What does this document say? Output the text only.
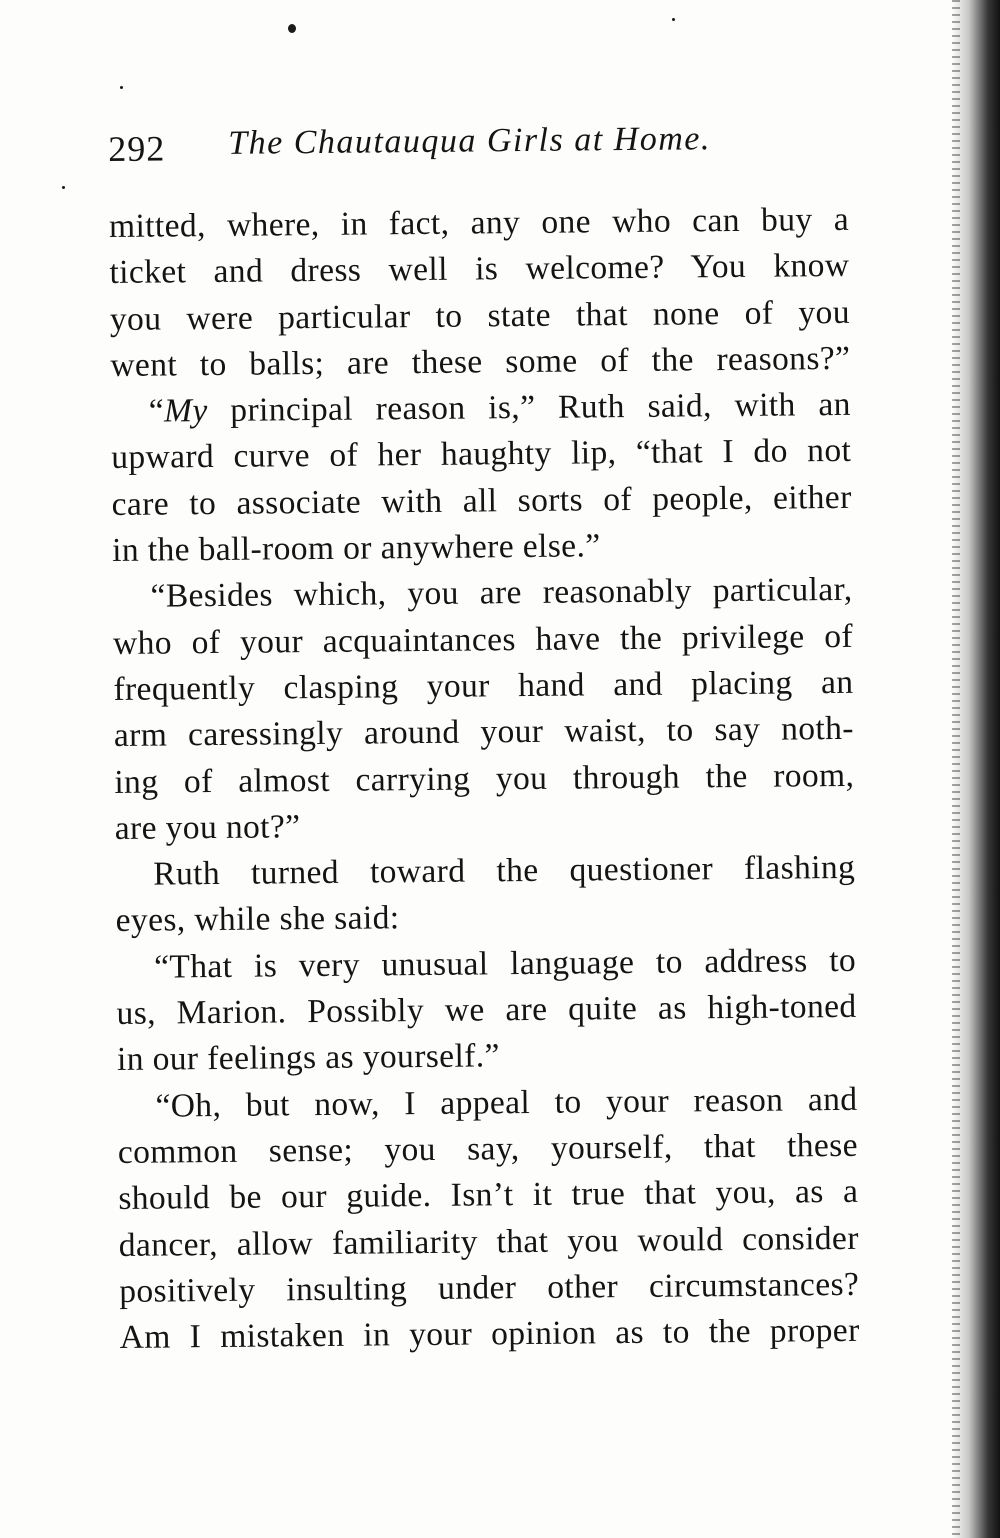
292 The Chautauqua Girls at Home.
mitted, where, in fact, any one who can buy a
ticket and dress well is welcome? You know
you were particular to state that none of you
went to balls; are these some of the reasons?”
“My principal reason is,” Ruth said, with an
upward curve of her haughty lip, “that I do not
care to associate with all sorts of people, either
in the ball-room or anywhere else.”
“Besides which, you are reasonably particular,
who of your acquaintances have the privilege of
frequently clasping your hand and placing an
arm caressingly around your waist, to say noth-
ing of almost carrying you through the room,
are you not?”
Ruth turned toward the questioner flashing
eyes, while she said:
“That is very unusual language to address to
us, Marion. Possibly we are quite as high-toned
in our feelings as yourself.”
“Oh, but now, I appeal to your reason and
common sense; you say, yourself, that these
should be our guide. Isn’t it true that you, as a
dancer, allow familiarity that you would consider
positively insulting under other circumstances?
Am I mistaken in your opinion as to the proper
